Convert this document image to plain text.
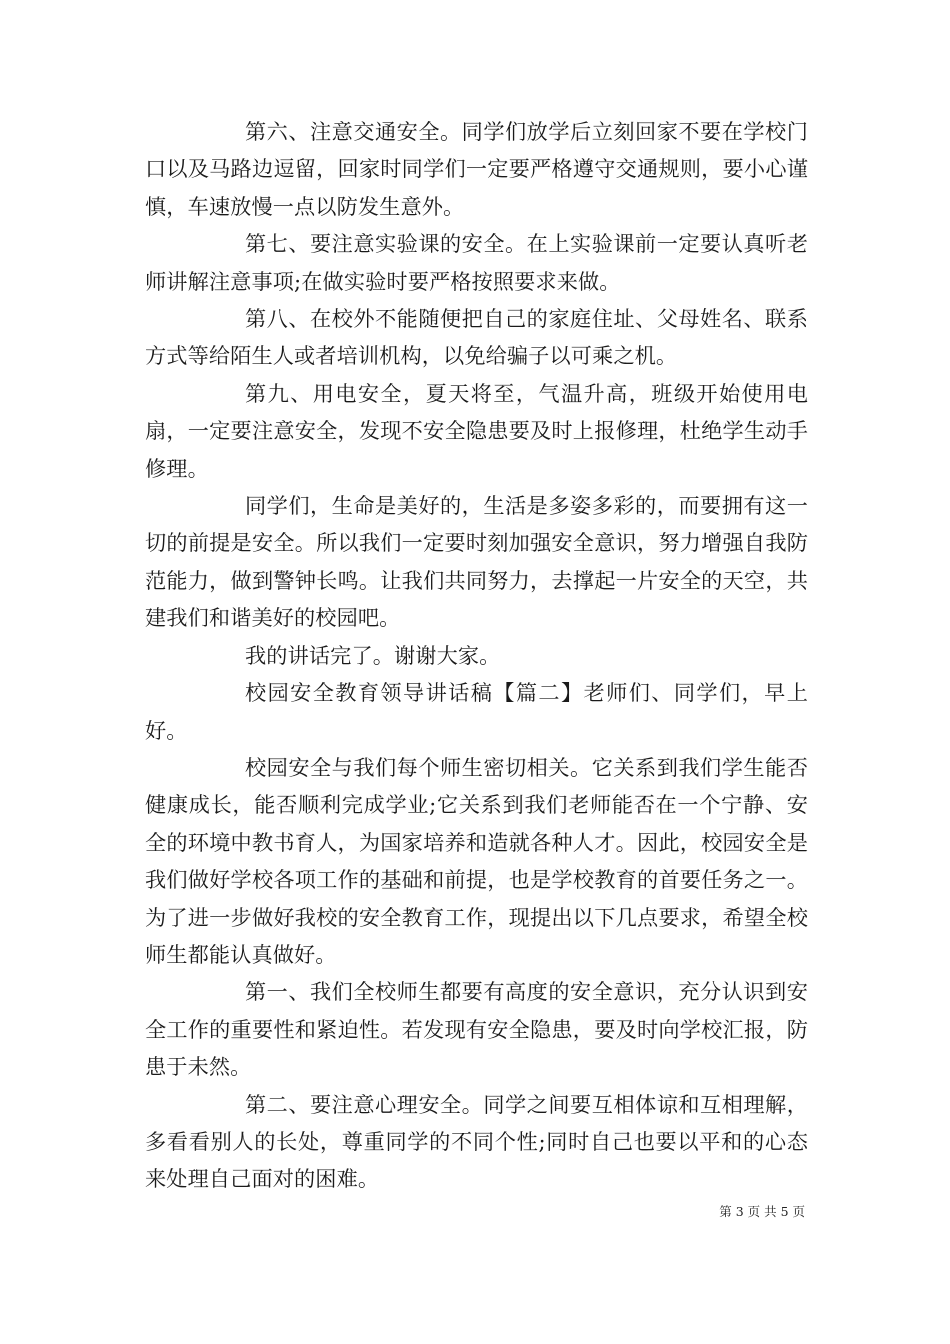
第六、注意交通安全。同学们放学后立刻回家不要在学校门口以及马路边逗留，回家时同学们一定要严格遵守交通规则，要小心谨慎，车速放慢一点以防发生意外。

第七、要注意实验课的安全。在上实验课前一定要认真听老师讲解注意事项;在做实验时要严格按照要求来做。

第八、在校外不能随便把自己的家庭住址、父母姓名、联系方式等给陌生人或者培训机构，以免给骗子以可乘之机。

第九、用电安全，夏天将至，气温升高，班级开始使用电扇，一定要注意安全，发现不安全隐患要及时上报修理，杜绝学生动手修理。

同学们，生命是美好的，生活是多姿多彩的，而要拥有这一切的前提是安全。所以我们一定要时刻加强安全意识，努力增强自我防范能力，做到警钟长鸣。让我们共同努力，去撑起一片安全的天空，共建我们和谐美好的校园吧。

我的讲话完了。谢谢大家。

校园安全教育领导讲话稿【篇二】老师们、同学们，早上好。

校园安全与我们每个师生密切相关。它关系到我们学生能否健康成长，能否顺利完成学业;它关系到我们老师能否在一个宁静、安全的环境中教书育人，为国家培养和造就各种人才。因此，校园安全是我们做好学校各项工作的基础和前提，也是学校教育的首要任务之一。为了进一步做好我校的安全教育工作，现提出以下几点要求，希望全校师生都能认真做好。

第一、我们全校师生都要有高度的安全意识，充分认识到安全工作的重要性和紧迫性。若发现有安全隐患，要及时向学校汇报，防患于未然。

第二、要注意心理安全。同学之间要互相体谅和互相理解，多看看别人的长处，尊重同学的不同个性;同时自己也要以平和的心态来处理自己面对的困难。

第 3 页 共 5 页
